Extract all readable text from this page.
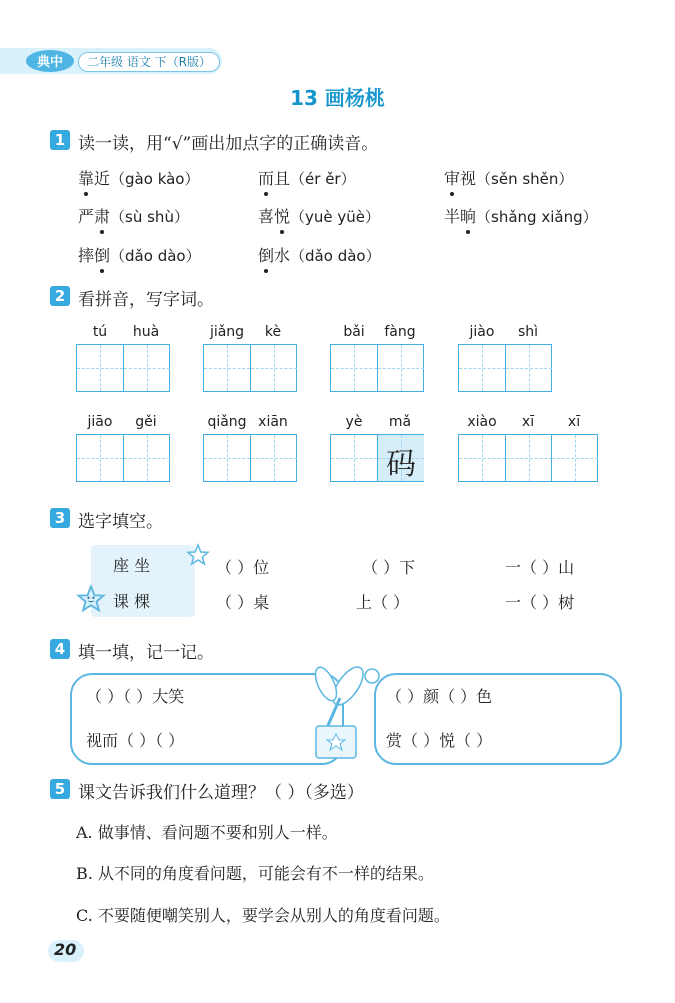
典中	二年级 语文 下（R版）
13 画杨桃
1 读一读，用“√”画出加点字的正确读音。
靠近（gào kào）	而且（ér ěr）	审视（sěn shěn）
严肃（sù shù）	喜悦（yuè yüè）	半晌（shǎng xiǎng）
摔倒（dǎo dào）	倒水（dǎo dào）
2 看拼音，写字词。
tú	huà	jiǎng	kè	bǎi	fàng	jiào	shì
jiāo	gěi	qiǎng xiān	yè	mǎ
码
xiào	xī	xī
3 选字填空。
座 坐
课 棵
（ ）位	（ ）下	一（ ）山
（ ）桌	上（ ）	一（ ）树
4 填一填，记一记。
（ ）（ ）大笑
视而（ ）（ ）
（ ）颜（ ）色
赏（ ）悦（ ）
5 课文告诉我们什么道理？（ ）（多选）
A. 做事情、看问题不要和别人一样。
B. 从不同的角度看问题，可能会有不一样的结果。
C. 不要随便嘲笑别人，要学会从别人的角度看问题。
20
